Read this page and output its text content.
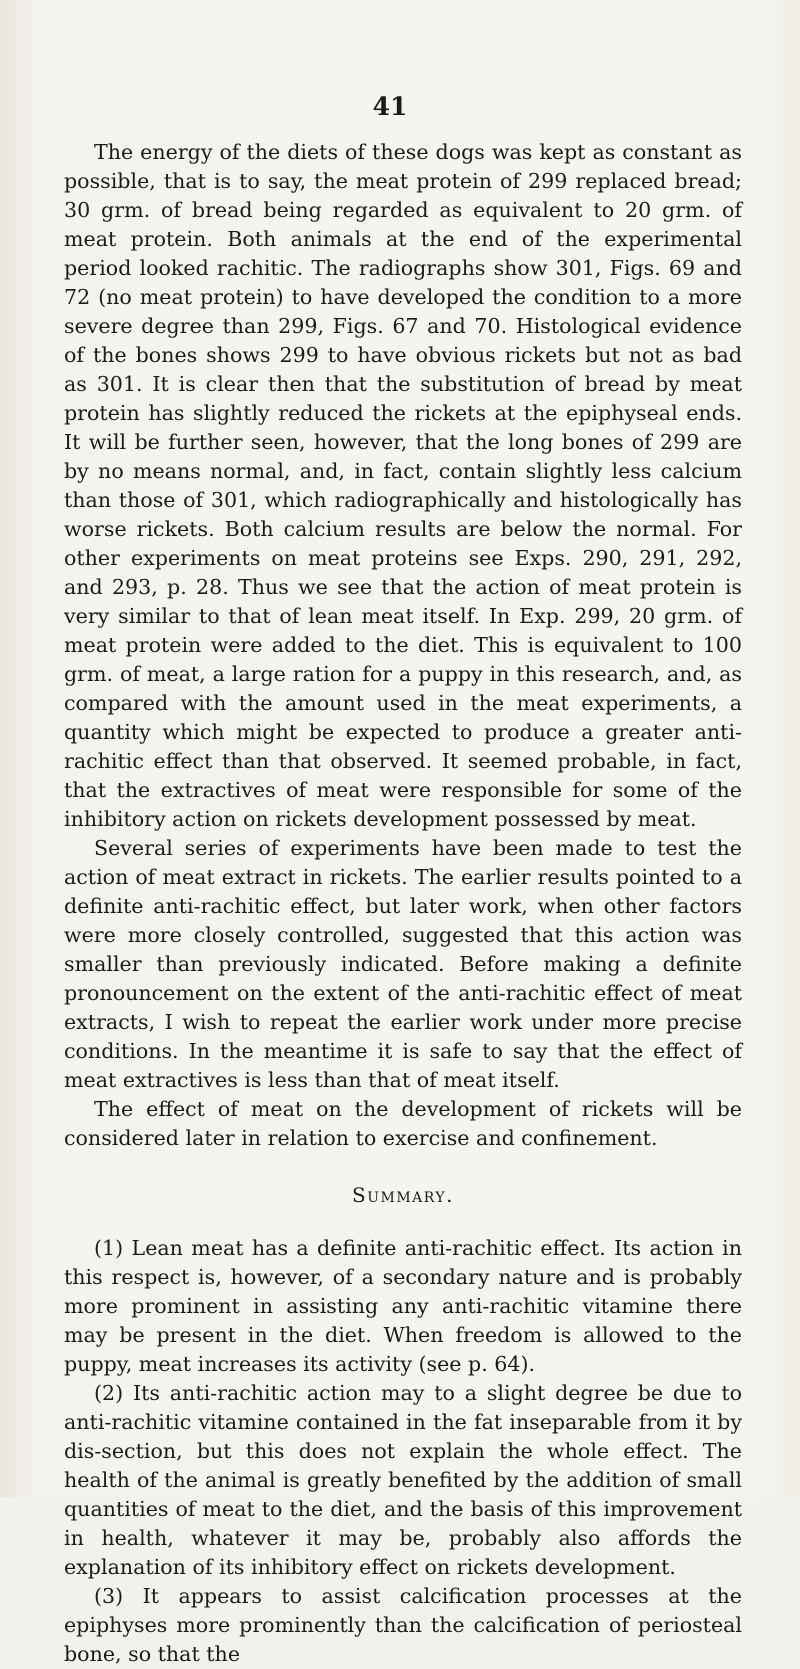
41

The energy of the diets of these dogs was kept as constant as possible, that is to say, the meat protein of 299 replaced bread; 30 grm. of bread being regarded as equivalent to 20 grm. of meat protein. Both animals at the end of the experimental period looked rachitic. The radiographs show 301, Figs. 69 and 72 (no meat protein) to have developed the condition to a more severe degree than 299, Figs. 67 and 70. Histological evidence of the bones shows 299 to have obvious rickets but not as bad as 301. It is clear then that the substitution of bread by meat protein has slightly reduced the rickets at the epiphyseal ends. It will be further seen, however, that the long bones of 299 are by no means normal, and, in fact, contain slightly less calcium than those of 301, which radiographically and histologically has worse rickets. Both calcium results are below the normal. For other experiments on meat proteins see Exps. 290, 291, 292, and 293, p. 28. Thus we see that the action of meat protein is very similar to that of lean meat itself. In Exp. 299, 20 grm. of meat protein were added to the diet. This is equivalent to 100 grm. of meat, a large ration for a puppy in this research, and, as compared with the amount used in the meat experiments, a quantity which might be expected to produce a greater anti-rachitic effect than that observed. It seemed probable, in fact, that the extractives of meat were responsible for some of the inhibitory action on rickets development possessed by meat.

Several series of experiments have been made to test the action of meat extract in rickets. The earlier results pointed to a definite anti-rachitic effect, but later work, when other factors were more closely controlled, suggested that this action was smaller than previously indicated. Before making a definite pronouncement on the extent of the anti-rachitic effect of meat extracts, I wish to repeat the earlier work under more precise conditions. In the meantime it is safe to say that the effect of meat extractives is less than that of meat itself.

The effect of meat on the development of rickets will be considered later in relation to exercise and confinement.

Summary.

(1) Lean meat has a definite anti-rachitic effect. Its action in this respect is, however, of a secondary nature and is probably more prominent in assisting any anti-rachitic vitamine there may be present in the diet. When freedom is allowed to the puppy, meat increases its activity (see p. 64).

(2) Its anti-rachitic action may to a slight degree be due to anti-rachitic vitamine contained in the fat inseparable from it by dis-section, but this does not explain the whole effect. The health of the animal is greatly benefited by the addition of small quantities of meat to the diet, and the basis of this improvement in health, whatever it may be, probably also affords the explanation of its inhibitory effect on rickets development.

(3) It appears to assist calcification processes at the epiphyses more prominently than the calcification of periosteal bone, so that the
